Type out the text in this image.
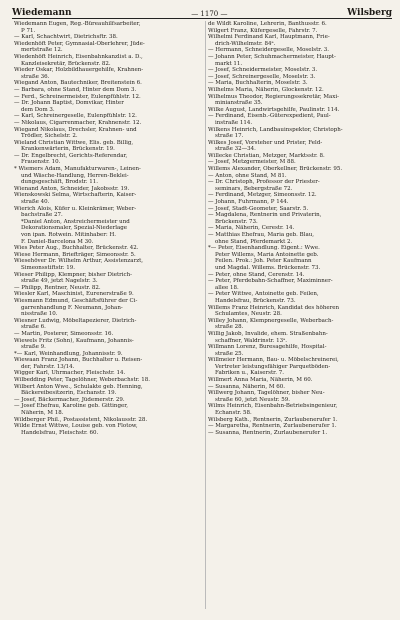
Wiedemann	— 1170 —	Wilsberg
Wiedemann Eugen, Reg.-Büreauhilfsarbeiter,
P 71.
— Karl, Schachtwirt, Dietrichsftr. 38.
Wiedenhöft Peter, Gymnasial-Oberlehrer, Jüde-
mertstraße 12.
Wiedenhöft Heinrich, Eisenbahnkanzlist a. D.,
Kanzleisekretär, Brückenstr. 82.
Wieder Oskar, Holzbildhauergehilfe, Krahnen-
straße 36.
Wiegand Anton, Bautechniker, Breitenstein 6.
— Barbara, ohne Stand, Hinter dem Dom 3.
— Ferd., Schreinermeister, Eulenpfühlstr. 12.
— Dr. Johann Baptist, Domvikar, Hinter
dem Dom 3.
— Karl, Schreinergeselle, Eulenpfühlstr. 12.
— Nikolaus, Cigarrenmacher, Krahnenstr. 12.
Wiegand Nikolaus, Drechsler, Krahnen- und
Trödler, Sichelstr. 2.
Wieland Christian Wittwe, Elis. geb. Billig,
Krankenwärterin, Brückenstr. 19.
— Dr. Engelbrecht, Gerichts-Referendar,
Frauenstr. 10.
* Wiemers Adam, Manufakturwaren-, Leinen-
und Wäsche-Handlung, Herren-Beklei-
dungsgeschäft, Brodstr. 11.
Wienand Anton, Schneider, Jakobsstr. 19.
Wienskowski Selma, Wirtschafterin, Kaiser-
straße 40.
Wierich Alois, Küfer u. Kleinkrämer, Weber-
bachstraße 27.
*Daniel Anton, Anstreichermeister und
Dekorationsmaler, Spezial-Niederlage
von ipan. Rotwein. Mitinhaber: H.
F. Daniel-Barcelona M 30.
Wies Peter Aug., Buchhalter, Brückenstr. 42.
Wiese Hermann, Briefträger, Simeonsstr. 5.
Wiesehöver Dr. Wilhelm Arthur, Assistenzarzt,
Simeonsstiftstr. 19.
Wieser Philipp, Klempner, bisher Dietrich-
straße 49, jetzt Nagelstr. 3.
— Philipp, Rentner, Neustr. 82.
Wiesler Karl, Maschinist, Eurenerstraße 9.
Wiesmann Edmund, Geschäftsführer der Ci-
garrenhandlung F. Neumann, Johan-
nisstraße 10.
Wiesner Ludwig, Möbeltapezierer, Dietrich-
straße 6.
— Martin, Posterer, Simeonsstr. 16.
Wiewels Fritz (Sohn), Kaufmann, Johannis-
straße 9.
*— Karl, Weinhandlung, Johannisstr. 9.
Wiewaan Franz Johann, Buchhalter u. Reisen-
der, Fahrstr. 13/14.
Wigger Karl, Uhrmacher, Fleischstr. 14.
Wilbedding Peter, Tagelöhner, Weberbachstr. 18.
Wilbert Anton Wwe., Schulakte geb. Henning,
Bäckereibesitzerin, Eschanstr. 19.
— Josef, Bäckermacher, Jüdemerstr. 29.
— Josef Ehefrau, Karoline geb. Gittinger,
Näherin, M 18.
Wildberger Phil., Postassistent, Nikolausstr. 28.
Wilde Ernst Wittwe, Louise geb. von Flotow,
Handelsfrau, Fleischstr. 60.
de Wildt Karoline, Lehrerin, Banthusstr. 6.
Wilgert Franz, Küfergeselle, Fahrstr. 7.
Wilhelmi Ferdinand Karl, Hauptmann, Frie-
drich-Wilhelmstr. 84ᵃ.
— Hermann, Schneidergeselle, Moselstr. 3.
— Johann Peter, Schuhmachermeister, Haupt-
markt 11.
— Josef, Schneidermeister, Moselstr. 3.
— Josef, Schreinergeselle, Moselstr. 3.
— Maria, Buchhalterin, Moselstr. 3.
Wilhelms Maria, Näherin, Glockenstr. 12.
Wilhelmus Theodor, Regierungssekretär, Maxi-
minianstraße 35.
Wilke August, Landwirtsgehilfe, Paulinstr. 114.
— Ferdinand, Eisenb.-Güterexpedient, Paul-
instraße 114.
Wilkens Heinrich, Landbauinspektor, Christoph-
straße 17.
Wilkes Josef, Vorsteher und Prister, Feld-
straße 32—34.
Willecke Christian, Metzger, Marktsstr. 8.
— Josef, Metzgermeister, M 88.
Willems Alexander, Oberkellner, Brückenstr. 95.
— Anton, ohne Stand, M 81.
— Dr. Christoph, Professor der Priester-
seminars, Bebergstraße 72.
— Ferdinand, Metzger, Simeonsstr. 12.
— Johann, Fuhrmann, P 144.
— Josef, Stadt-Geometer, Saarstr. 5.
— Magdalena, Rentnerin und Privaterin,
Brückenstr. 73.
— Maria, Näherin, Cerestr. 14.
— Matthias Ehefrau, Maria geb. Blau,
ohne Stand, Pferdemarkt 2.
*— Peter, Eisenhandlung. Eigent.: Wwe.
Peter Willems, Maria Antoinette geb.
Feilen. Prok.: Joh. Peter Kaufmann
und Magdal. Willems. Brückenstr. 73.
— Peter, ohne Stand, Cerenstr. 14.
— Peter, Pferdebahn-Schaffner, Maximinner-
allee 18.
— Peter Wittwe, Antoinette geb. Feilen,
Handelsfrau, Brückenstr. 73.
Willems Franz Heinrich, Kandidat des höheren
Schulamtes, Neustr. 28.
Willey Johann, Klempnergeselle, Weberbach-
straße 28.
Willig Jakob, Invalide, ehem. Straßenbahn-
schaffner, Waldrinstr. 13ᵃ.
Willmann Lorenz, Buresagehilfe, Hospital-
straße 25.
Willmeier Hermann, Bau- u. Möbelschreinerei,
Vertreter leistungsfähiger Parquetböden-
Fabriken u., Kaiserstr. 7.
Willmert Anna Maria, Näherin, M 60.
— Susanna, Näherin, M 60.
Willwerg Johann, Tagelöhner, bisher Neu-
straße 60, jetzt Neustr. 59.
Wilms Heinrich, Eisenbahn-Betriebsingenieur,
Echanstr. 58.
Wilsberg Kath., Rentnerin, Zurlaubenerufer 1.
— Margaretha, Rentnerin, Zurlaubenerufer 1.
— Susanna, Rentnerin, Zurlaubenerufer 1.
